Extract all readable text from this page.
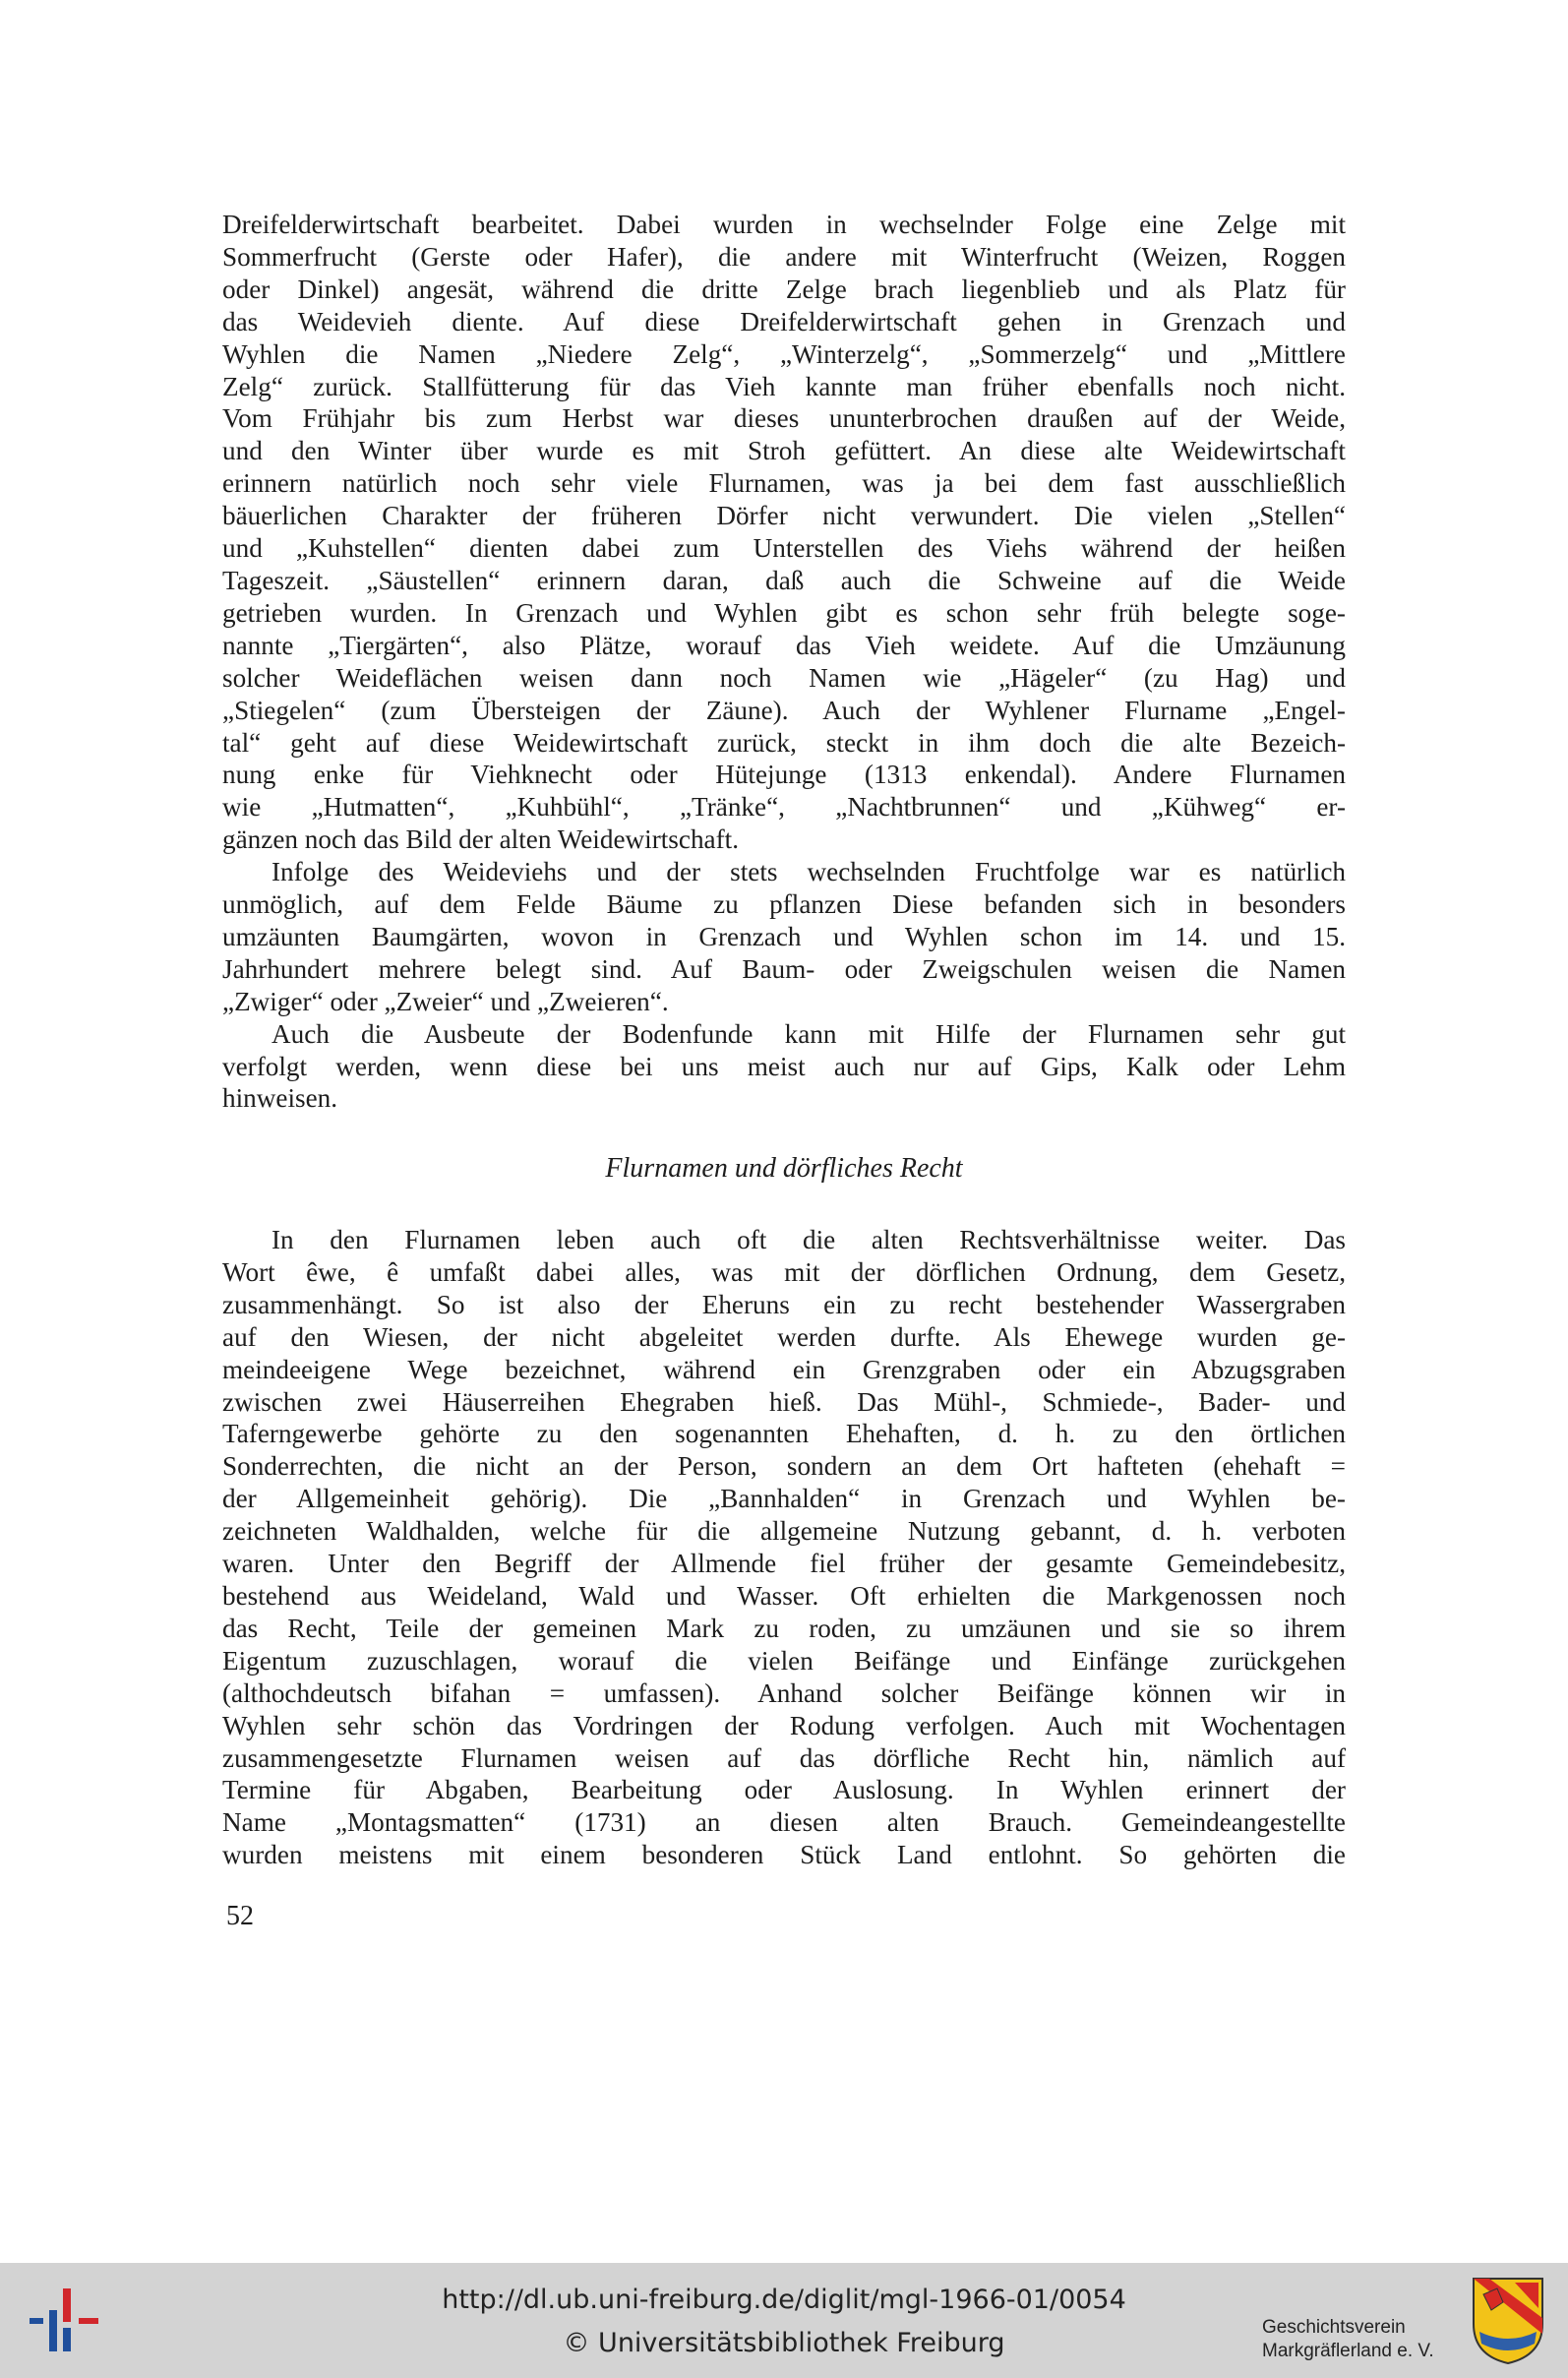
Dreifelderwirtschaft bearbeitet. Dabei wurden in wechselnder Folge eine Zelge mit
Sommerfrucht (Gerste oder Hafer), die andere mit Winterfrucht (Weizen, Roggen
oder Dinkel) angesät, während die dritte Zelge brach liegenblieb und als Platz für
das Weidevieh diente. Auf diese Dreifelderwirtschaft gehen in Grenzach und
Wyhlen die Namen „Niedere Zelg“, „Winterzelg“, „Sommerzelg“ und „Mittlere
Zelg“ zurück. Stallfütterung für das Vieh kannte man früher ebenfalls noch nicht.
Vom Frühjahr bis zum Herbst war dieses ununterbrochen draußen auf der Weide,
und den Winter über wurde es mit Stroh gefüttert. An diese alte Weidewirtschaft
erinnern natürlich noch sehr viele Flurnamen, was ja bei dem fast ausschließlich
bäuerlichen Charakter der früheren Dörfer nicht verwundert. Die vielen „Stellen“
und „Kuhstellen“ dienten dabei zum Unterstellen des Viehs während der heißen
Tageszeit. „Säustellen“ erinnern daran, daß auch die Schweine auf die Weide
getrieben wurden. In Grenzach und Wyhlen gibt es schon sehr früh belegte soge-
nannte „Tiergärten“, also Plätze, worauf das Vieh weidete. Auf die Umzäunung
solcher Weideflächen weisen dann noch Namen wie „Hägeler“ (zu Hag) und
„Stiegelen“ (zum Übersteigen der Zäune). Auch der Wyhlener Flurname „Engel-
tal“ geht auf diese Weidewirtschaft zurück, steckt in ihm doch die alte Bezeich-
nung enke für Viehknecht oder Hütejunge (1313 enkendal). Andere Flurnamen
wie „Hutmatten“, „Kuhbühl“, „Tränke“, „Nachtbrunnen“ und „Kühweg“ er-
gänzen noch das Bild der alten Weidewirtschaft.
Infolge des Weideviehs und der stets wechselnden Fruchtfolge war es natürlich
unmöglich, auf dem Felde Bäume zu pflanzen Diese befanden sich in besonders
umzäunten Baumgärten, wovon in Grenzach und Wyhlen schon im 14. und 15.
Jahrhundert mehrere belegt sind. Auf Baum- oder Zweigschulen weisen die Namen
„Zwiger“ oder „Zweier“ und „Zweieren“.
Auch die Ausbeute der Bodenfunde kann mit Hilfe der Flurnamen sehr gut
verfolgt werden, wenn diese bei uns meist auch nur auf Gips, Kalk oder Lehm
hinweisen.
Flurnamen und dörfliches Recht
In den Flurnamen leben auch oft die alten Rechtsverhältnisse weiter. Das
Wort êwe, ê umfaßt dabei alles, was mit der dörflichen Ordnung, dem Gesetz,
zusammenhängt. So ist also der Eheruns ein zu recht bestehender Wassergraben
auf den Wiesen, der nicht abgeleitet werden durfte. Als Ehewege wurden ge-
meindeeigene Wege bezeichnet, während ein Grenzgraben oder ein Abzugsgraben
zwischen zwei Häuserreihen Ehegraben hieß. Das Mühl-, Schmiede-, Bader- und
Taferngewerbe gehörte zu den sogenannten Ehehaften, d. h. zu den örtlichen
Sonderrechten, die nicht an der Person, sondern an dem Ort hafteten (ehehaft =
der Allgemeinheit gehörig). Die „Bannhalden“ in Grenzach und Wyhlen be-
zeichneten Waldhalden, welche für die allgemeine Nutzung gebannt, d. h. verboten
waren. Unter den Begriff der Allmende fiel früher der gesamte Gemeindebesitz,
bestehend aus Weideland, Wald und Wasser. Oft erhielten die Markgenossen noch
das Recht, Teile der gemeinen Mark zu roden, zu umzäunen und sie so ihrem
Eigentum zuzuschlagen, worauf die vielen Beifänge und Einfänge zurückgehen
(althochdeutsch bifahan = umfassen). Anhand solcher Beifänge können wir in
Wyhlen sehr schön das Vordringen der Rodung verfolgen. Auch mit Wochentagen
zusammengesetzte Flurnamen weisen auf das dörfliche Recht hin, nämlich auf
Termine für Abgaben, Bearbeitung oder Auslosung. In Wyhlen erinnert der
Name „Montagsmatten“ (1731) an diesen alten Brauch. Gemeindeangestellte
wurden meistens mit einem besonderen Stück Land entlohnt. So gehörten die
52
http://dl.ub.uni-freiburg.de/diglit/mgl-1966-01/0054
© Universitätsbibliothek Freiburg
Geschichtsverein
Markgräflerland e. V.
